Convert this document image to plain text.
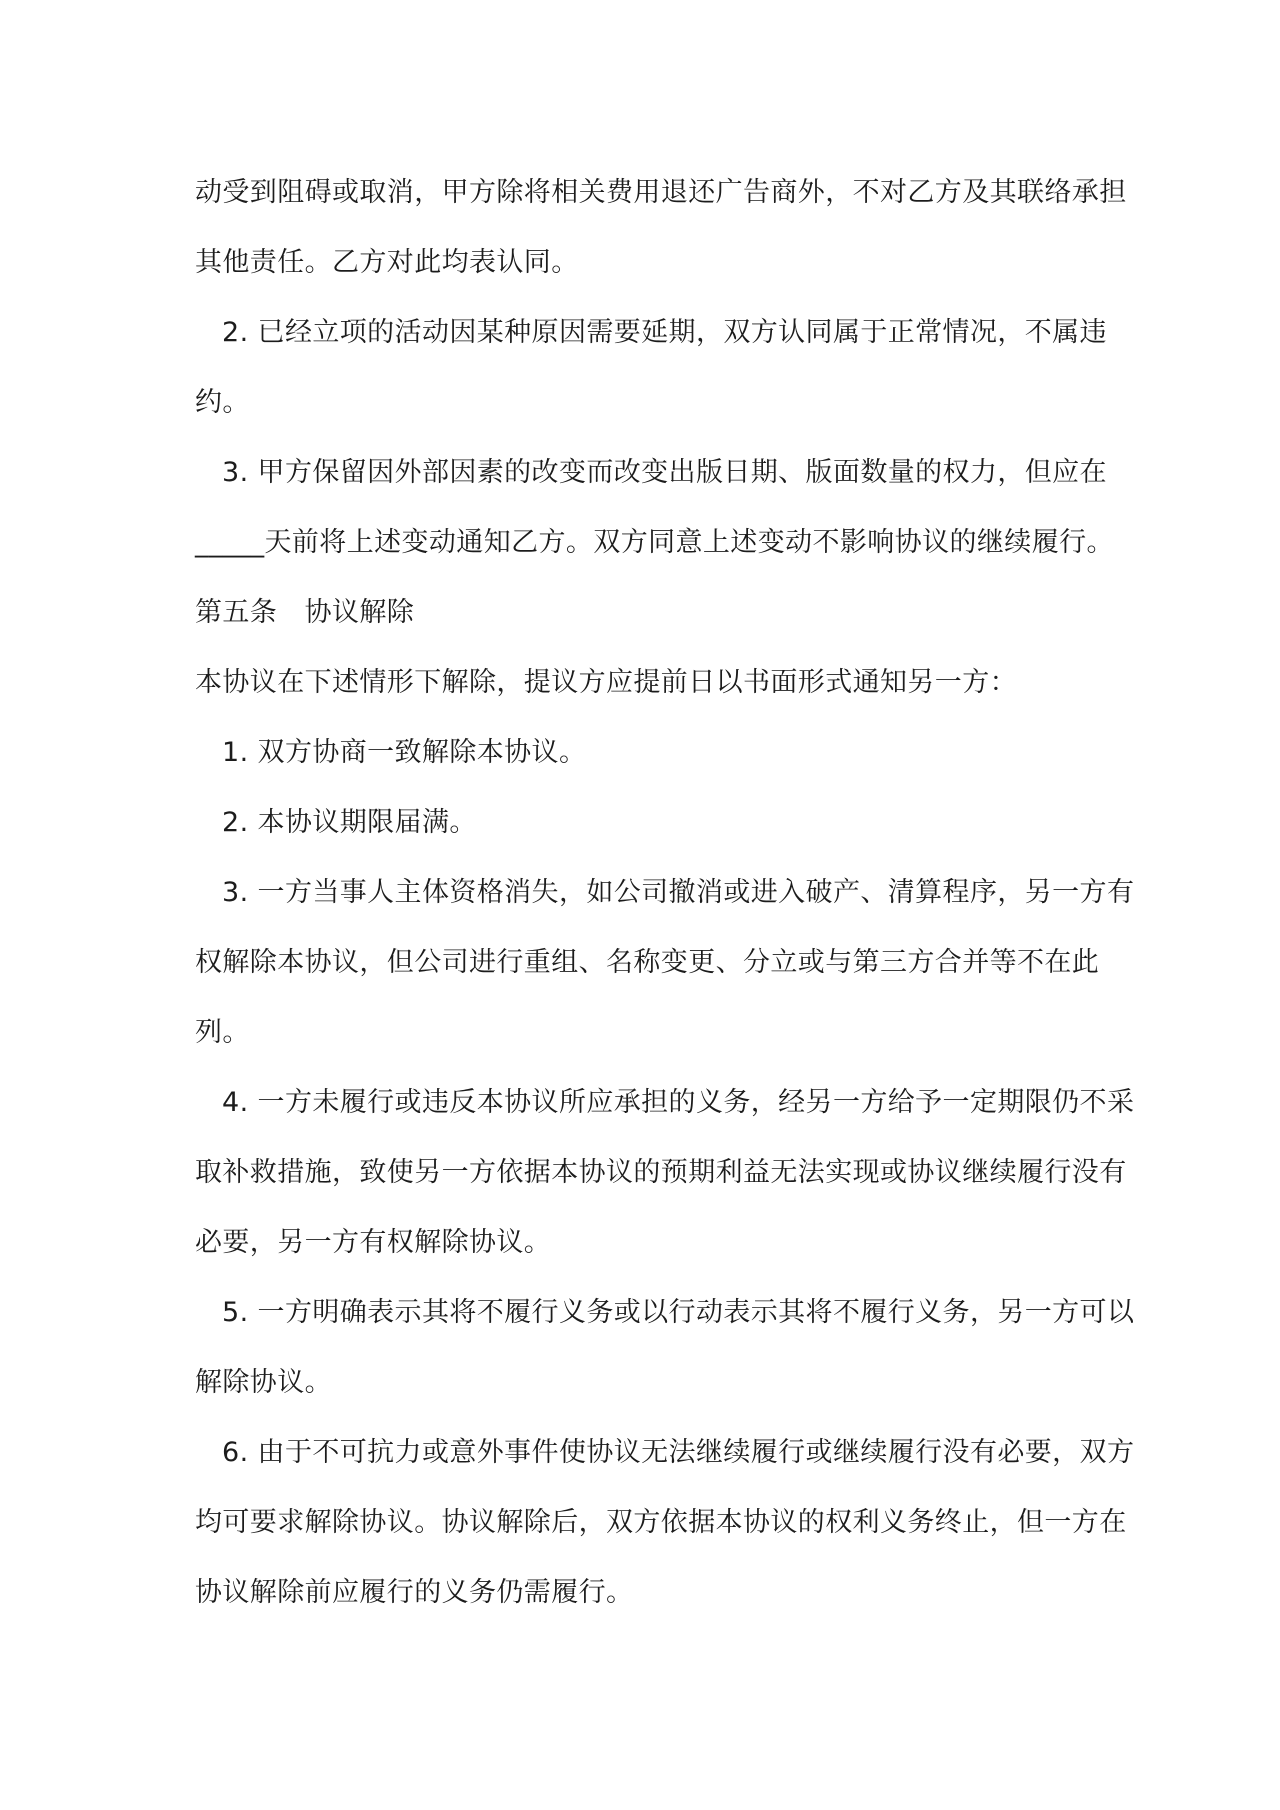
动受到阻碍或取消，甲方除将相关费用退还广告商外，不对乙方及其联络承担
其他责任。乙方对此均表认同。
2. 已经立项的活动因某种原因需要延期，双方认同属于正常情况，不属违
约。
3. 甲方保留因外部因素的改变而改变出版日期、版面数量的权力，但应在
_____天前将上述变动通知乙方。双方同意上述变动不影响协议的继续履行。
第五条　协议解除
本协议在下述情形下解除，提议方应提前日以书面形式通知另一方：
1. 双方协商一致解除本协议。
2. 本协议期限届满。
3. 一方当事人主体资格消失，如公司撤消或进入破产、清算程序，另一方有
权解除本协议，但公司进行重组、名称变更、分立或与第三方合并等不在此
列。
4. 一方未履行或违反本协议所应承担的义务，经另一方给予一定期限仍不采
取补救措施，致使另一方依据本协议的预期利益无法实现或协议继续履行没有
必要，另一方有权解除协议。
5. 一方明确表示其将不履行义务或以行动表示其将不履行义务，另一方可以
解除协议。
6. 由于不可抗力或意外事件使协议无法继续履行或继续履行没有必要，双方
均可要求解除协议。协议解除后，双方依据本协议的权利义务终止，但一方在
协议解除前应履行的义务仍需履行。
